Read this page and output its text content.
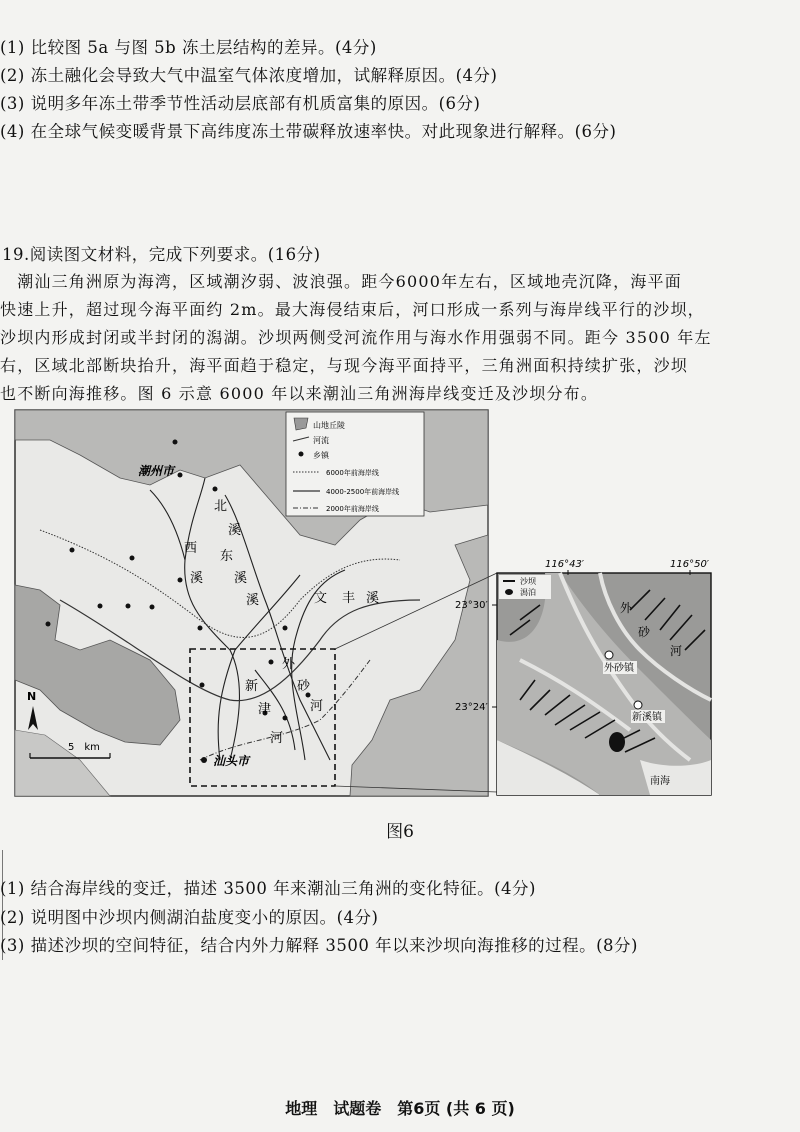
(1) 比较图 5a 与图 5b 冻土层结构的差异。(4分)
(2) 冻土融化会导致大气中温室气体浓度增加，试解释原因。(4分)
(3) 说明多年冻土带季节性活动层底部有机质富集的原因。(6分)
(4) 在全球气候变暖背景下高纬度冻土带碳释放速率快。对此现象进行解释。(6分)
19.阅读图文材料，完成下列要求。(16分)
　潮汕三角洲原为海湾，区域潮汐弱、波浪强。距今6000年左右，区域地壳沉降，海平面
快速上升，超过现今海平面约 2m。最大海侵结束后，河口形成一系列与海岸线平行的沙坝，
沙坝内形成封闭或半封闭的潟湖。沙坝两侧受河流作用与海水作用强弱不同。距今 3500 年左
右，区域北部断块抬升，海平面趋于稳定，与现今海平面持平，三角洲面积持续扩张，沙坝
也不断向海推移。图 6 示意 6000 年以来潮汕三角洲海岸线变迁及沙坝分布。
山地丘陵
河流
乡镇
6000年前海岸线
4000-2500年前海岸线
2000年前海岸线
潮州市
汕头市
北
溪
西
东
溪 溪
溪	文 丰 溪
外
砂
河
新
津
河
N
5　km
沙坝
潟泊
外砂镇
新溪镇
南海
外
砂
河
116°43′	116°50′
23°30′
23°24′
图6
(1) 结合海岸线的变迁，描述 3500 年来潮汕三角洲的变化特征。(4分)
(2) 说明图中沙坝内侧湖泊盐度变小的原因。(4分)
(3) 描述沙坝的空间特征，结合内外力解释 3500 年以来沙坝向海推移的过程。(8分)
地理　试题卷　第6页 (共 6 页)
